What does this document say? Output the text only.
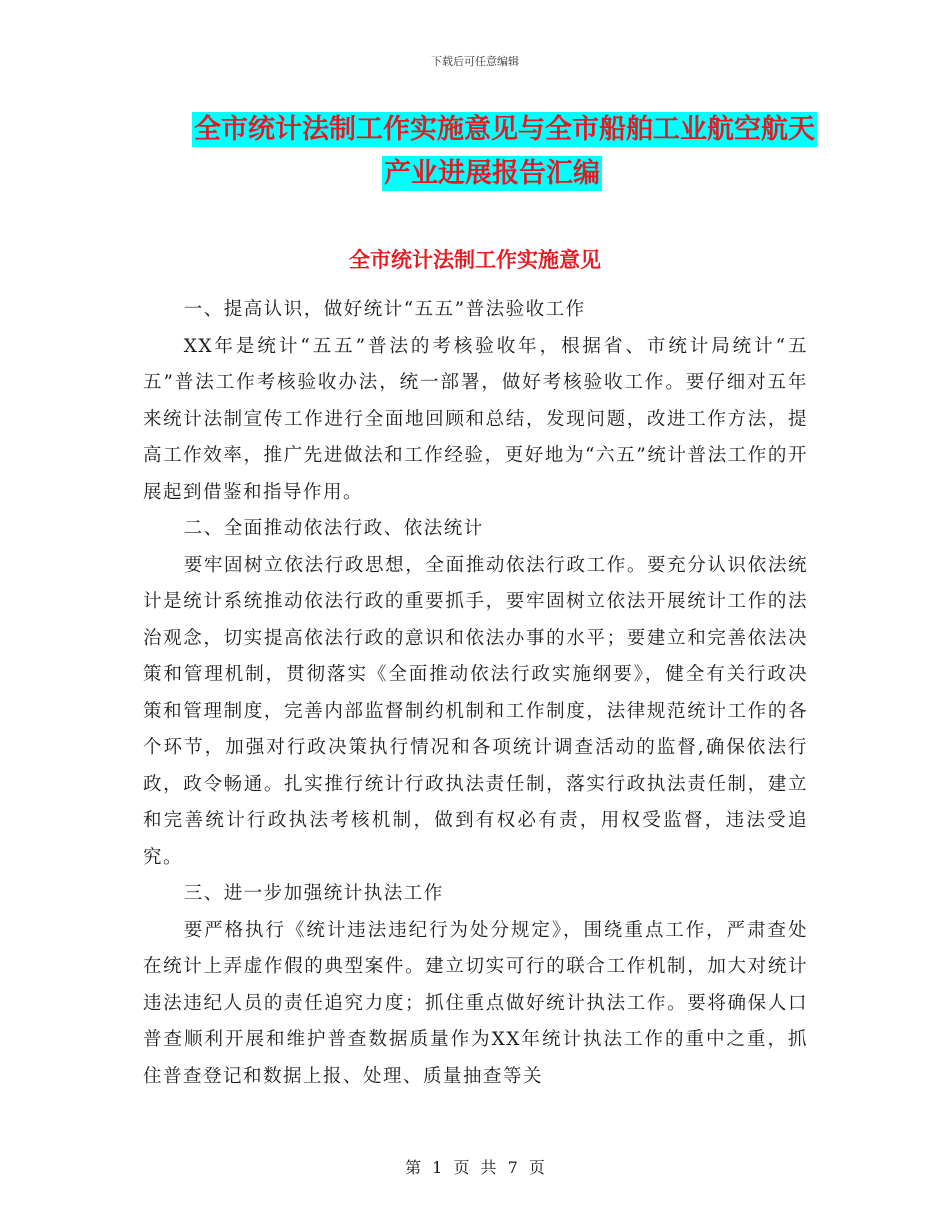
下载后可任意编辑
全市统计法制工作实施意见与全市船舶工业航空航天
产业进展报告汇编
全市统计法制工作实施意见

一、提高认识，做好统计“五五”普法验收工作

XX年是统计“五五”普法的考核验收年，根据省、市统计局统计“五五”普法工作考核验收办法，统一部署，做好考核验收工作。要仔细对五年来统计法制宣传工作进行全面地回顾和总结，发现问题，改进工作方法，提高工作效率，推广先进做法和工作经验，更好地为“六五”统计普法工作的开展起到借鉴和指导作用。

二、全面推动依法行政、依法统计

要牢固树立依法行政思想，全面推动依法行政工作。要充分认识依法统计是统计系统推动依法行政的重要抓手，要牢固树立依法开展统计工作的法治观念，切实提高依法行政的意识和依法办事的水平；要建立和完善依法决策和管理机制，贯彻落实《全面推动依法行政实施纲要》，健全有关行政决策和管理制度，完善内部监督制约机制和工作制度，法律规范统计工作的各个环节，加强对行政决策执行情况和各项统计调查活动的监督,确保依法行政，政令畅通。扎实推行统计行政执法责任制，落实行政执法责任制，建立和完善统计行政执法考核机制，做到有权必有责，用权受监督，违法受追究。

三、进一步加强统计执法工作

要严格执行《统计违法违纪行为处分规定》，围绕重点工作，严肃查处在统计上弄虚作假的典型案件。建立切实可行的联合工作机制，加大对统计违法违纪人员的责任追究力度；抓住重点做好统计执法工作。要将确保人口普查顺利开展和维护普查数据质量作为XX年统计执法工作的重中之重，抓住普查登记和数据上报、处理、质量抽查等关

第 1 页 共 7 页
